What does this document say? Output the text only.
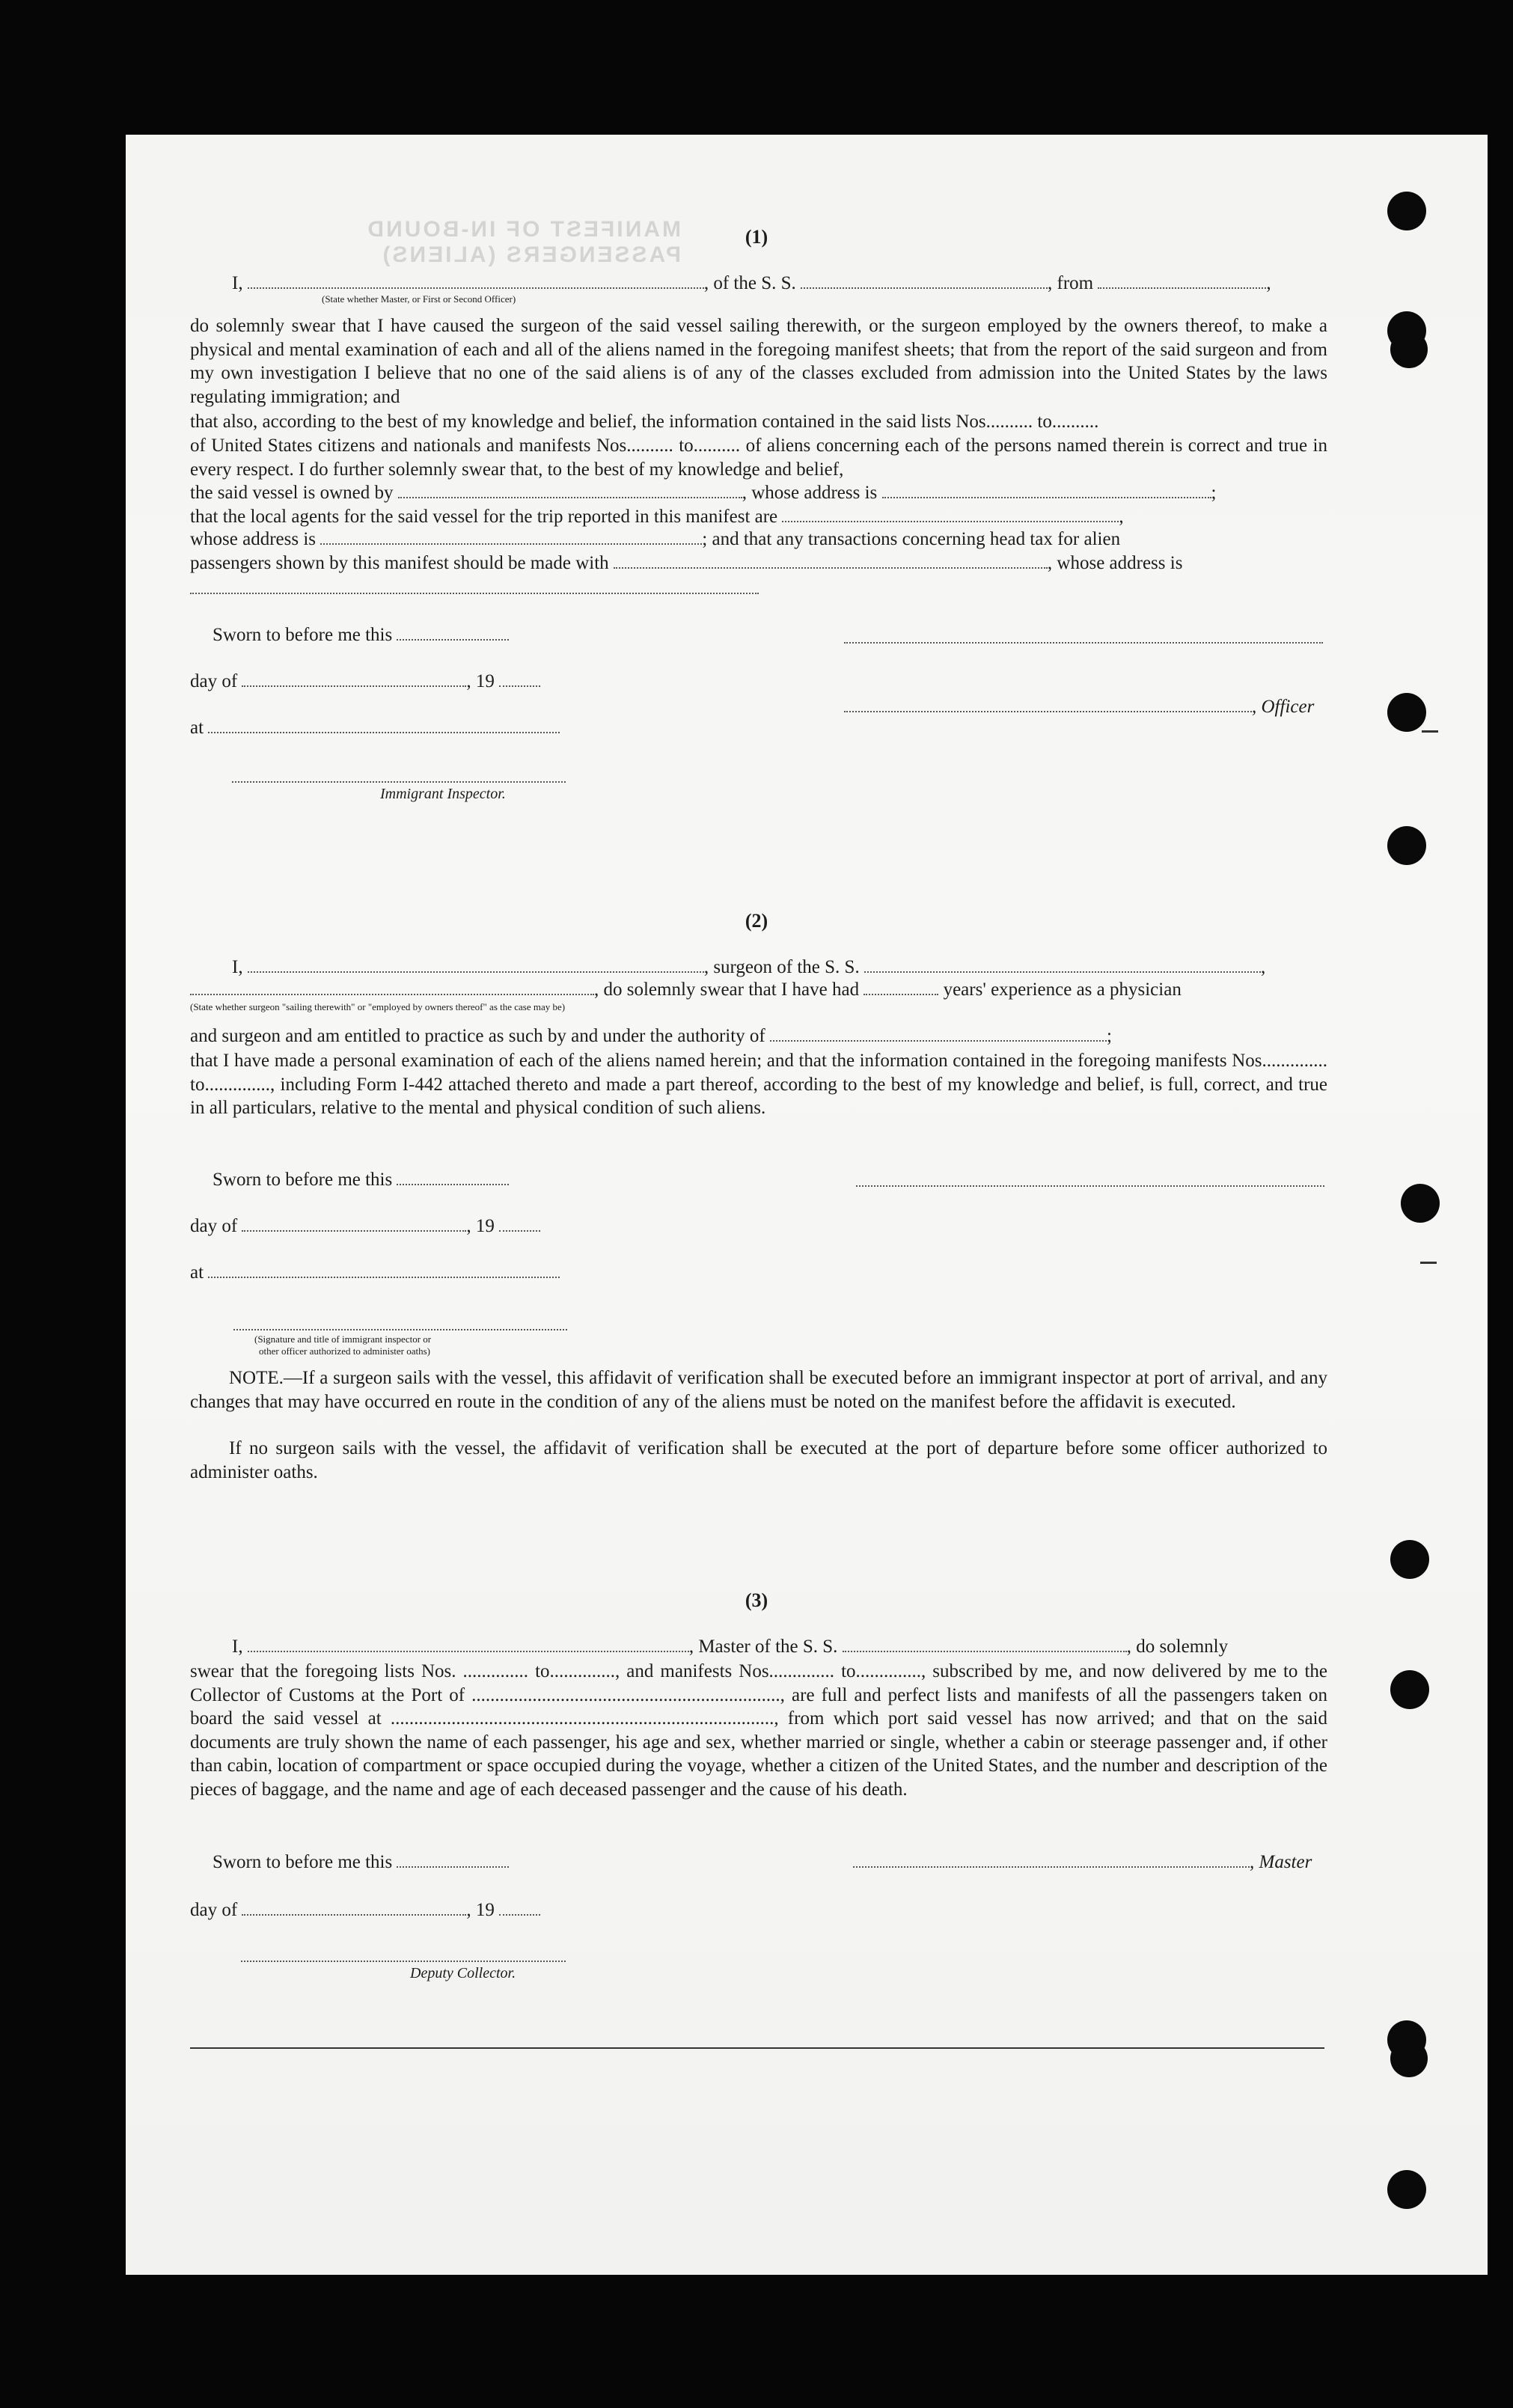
MANIFEST OF IN-BOUND PASSENGERS (ALIENS)
(1)
I,	, of the S. S.	, from	,
(State whether Master, or First or Second Officer)
do solemnly swear that I have caused the surgeon of the said vessel sailing therewith, or the surgeon employed by the owners thereof, to make a physical and mental examination of each and all of the aliens named in the foregoing manifest sheets; that from the report of the said surgeon and from my own investigation I believe that no one of the said aliens is of any of the classes excluded from admission into the United States by the laws regulating immigration; and
that also, according to the best of my knowledge and belief, the information contained in the said lists Nos.......... to..........
of United States citizens and nationals and manifests Nos.......... to.......... of aliens concerning each of the persons named therein is correct and true in every respect. I do further solemnly swear that, to the best of my knowledge and belief,
the said vessel is owned by	, whose address is	;
that the local agents for the said vessel for the trip reported in this manifest are	,
whose address is	; and that any transactions concerning head tax for alien
passengers shown by this manifest should be made with	, whose address is
Sworn to before me this
day of	, 19
, Officer
at
Immigrant Inspector.
(2)
I,	, surgeon of the S. S.	,
, do solemnly swear that I have had	years' experience as a physician
(State whether surgeon "sailing therewith" or "employed by owners thereof" as the case may be)
and surgeon and am entitled to practice as such by and under the authority of	;
that I have made a personal examination of each of the aliens named herein; and that the information contained in the foregoing manifests Nos.............. to.............., including Form I-442 attached thereto and made a part thereof, according to the best of my knowledge and belief, is full, correct, and true in all particulars, relative to the mental and physical condition of such aliens.
Sworn to before me this
day of	, 19
at
(Signature and title of immigrant inspector or
other officer authorized to administer oaths)
NOTE.—If a surgeon sails with the vessel, this affidavit of verification shall be executed before an immigrant inspector at port of arrival, and any changes that may have occurred en route in the condition of any of the aliens must be noted on the manifest before the affidavit is executed.
If no surgeon sails with the vessel, the affidavit of verification shall be executed at the port of departure before some officer authorized to administer oaths.
(3)
I,	, Master of the S. S.	, do solemnly
swear that the foregoing lists Nos. .............. to.............., and manifests Nos.............. to.............., subscribed by me, and now delivered by me to the Collector of Customs at the Port of .................................................................., are full and perfect lists and manifests of all the passengers taken on board the said vessel at .................................................................................., from which port said vessel has now arrived; and that on the said documents are truly shown the name of each passenger, his age and sex, whether married or single, whether a cabin or steerage passenger and, if other than cabin, location of compartment or space occupied during the voyage, whether a citizen of the United States, and the number and description of the pieces of baggage, and the name and age of each deceased passenger and the cause of his death.
Sworn to before me this	, Master
day of	, 19
Deputy Collector.
